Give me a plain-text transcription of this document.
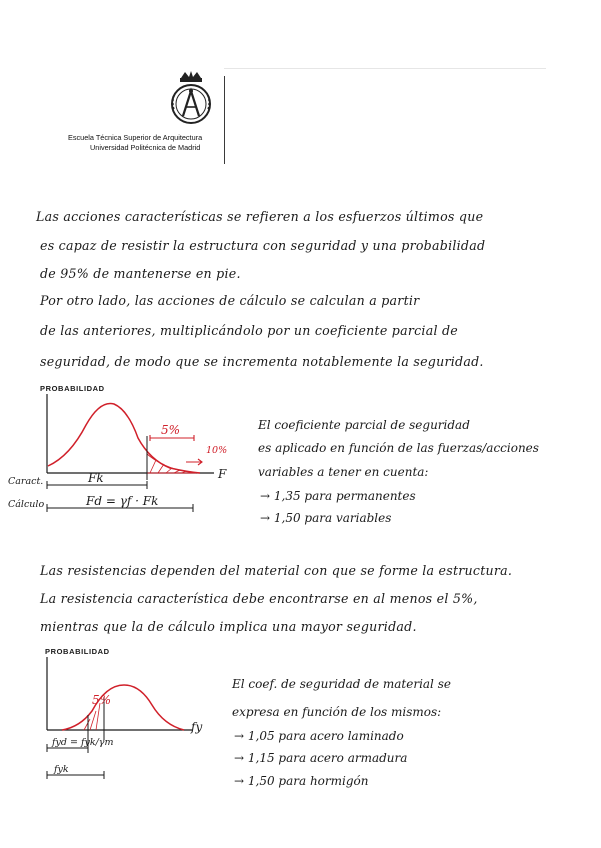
Escuela Técnica Superior de Arquitectura
Universidad Politécnica de Madrid
Las acciones características se refieren a los esfuerzos últimos que
es capaz de resistir la estructura con seguridad y una probabilidad
de 95% de mantenerse en pie.
Por otro lado, las acciones de cálculo se calculan a partir
de las anteriores, multiplicándolo por un coeficiente parcial de
seguridad, de modo que se incrementa notablemente la seguridad.
PROBABILIDAD
5%
10%
F
Caract.	Fk
Cálculo	Fd = γf · Fk
El coeficiente parcial de seguridad
es aplicado en función de las fuerzas/acciones
variables a tener en cuenta:
→ 1,35 para permanentes
→ 1,50 para variables
Las resistencias dependen del material con que se forme la estructura.
La resistencia característica debe encontrarse en al menos el 5%,
mientras que la de cálculo implica una mayor seguridad.
PROBABILIDAD
5%
fy
fyd = fyk/γm
fyk
El coef. de seguridad de material se
expresa en función de los mismos:
→ 1,05 para acero laminado
→ 1,15 para acero armadura
→ 1,50 para hormigón
